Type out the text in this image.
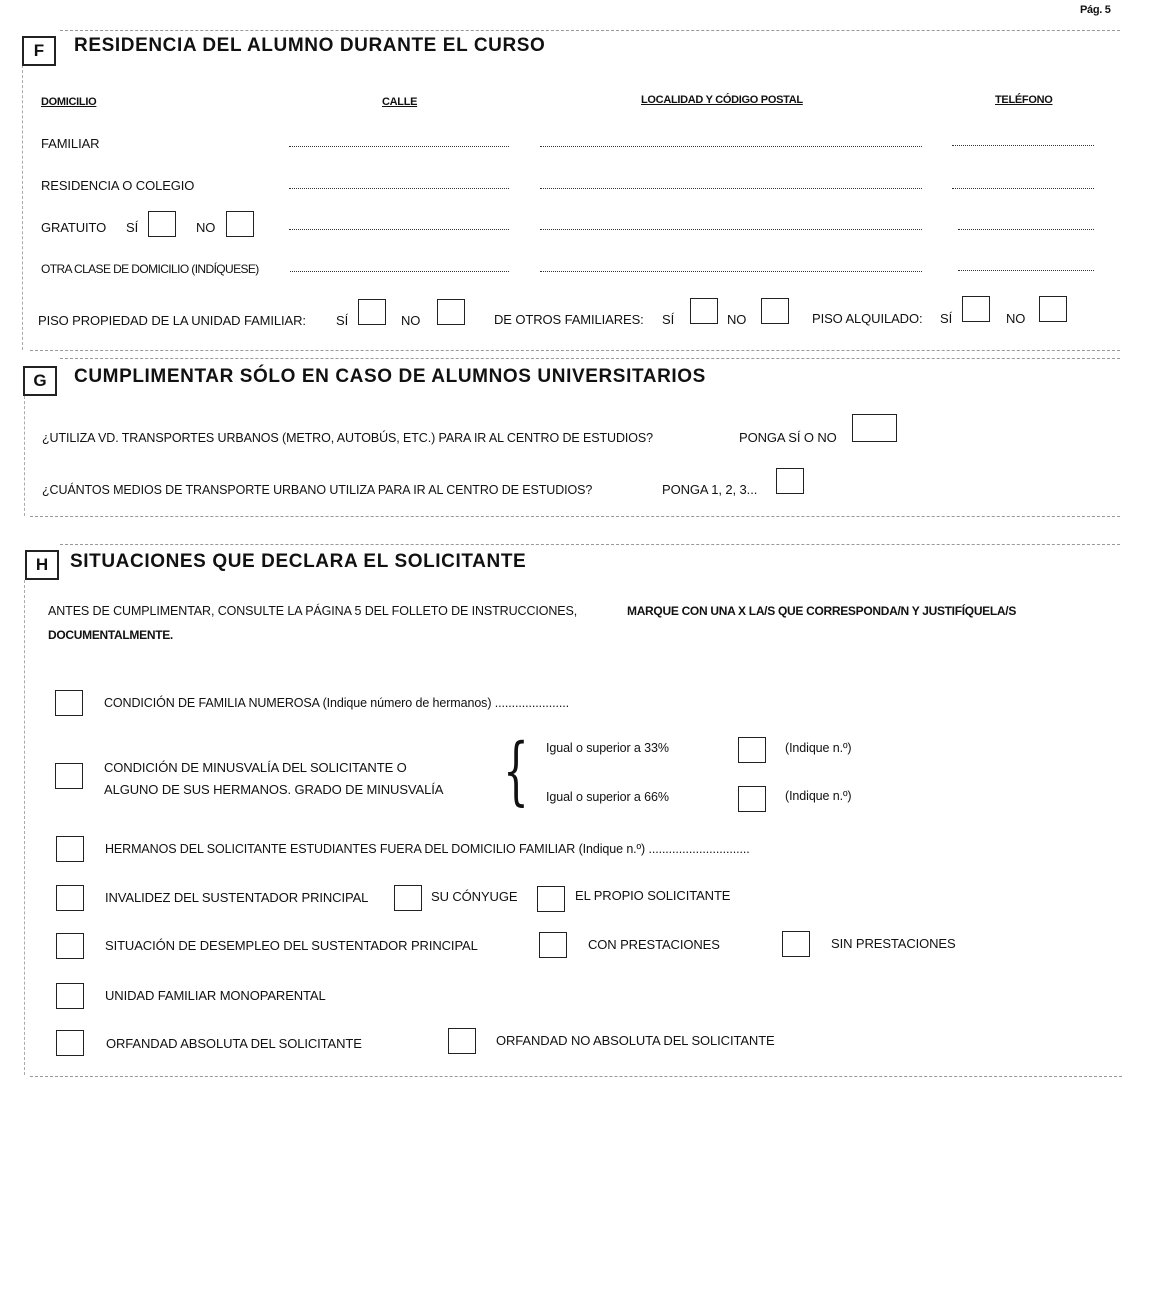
Pág. 5
F	RESIDENCIA DEL ALUMNO DURANTE EL CURSO
DOMICILIO	CALLE	LOCALIDAD Y CÓDIGO POSTAL	TELÉFONO
FAMILIAR
RESIDENCIA O COLEGIO
GRATUITO SÍ	NO
OTRA CLASE DE DOMICILIO (INDÍQUESE)
PISO PROPIEDAD DE LA UNIDAD FAMILIAR: SÍ	NO	DE OTROS FAMILIARES: SÍ	NO	PISO ALQUILADO: SÍ	NO
G	CUMPLIMENTAR SÓLO EN CASO DE ALUMNOS UNIVERSITARIOS
¿UTILIZA VD. TRANSPORTES URBANOS (METRO, AUTOBÚS, ETC.) PARA IR AL CENTRO DE ESTUDIOS?	PONGA SÍ O NO
¿CUÁNTOS MEDIOS DE TRANSPORTE URBANO UTILIZA PARA IR AL CENTRO DE ESTUDIOS?	PONGA 1, 2, 3...
H	SITUACIONES QUE DECLARA EL SOLICITANTE
ANTES DE CUMPLIMENTAR, CONSULTE LA PÁGINA 5 DEL FOLLETO DE INSTRUCCIONES,	MARQUE CON UNA X LA/S QUE CORRESPONDA/N Y JUSTIFÍQUELA/S
DOCUMENTALMENTE.
CONDICIÓN DE FAMILIA NUMEROSA (Indique número de hermanos) ......................
CONDICIÓN DE MINUSVALÍA DEL SOLICITANTE O
ALGUNO DE SUS HERMANOS. GRADO DE MINUSVALÍA { Igual o superior a 33%	(Indique n.º)
Igual o superior a 66%	(Indique n.º)
HERMANOS DEL SOLICITANTE ESTUDIANTES FUERA DEL DOMICILIO FAMILIAR (Indique n.º) ..............................
INVALIDEZ DEL SUSTENTADOR PRINCIPAL	SU CÓNYUGE	EL PROPIO SOLICITANTE
SITUACIÓN DE DESEMPLEO DEL SUSTENTADOR PRINCIPAL	CON PRESTACIONES	SIN PRESTACIONES
UNIDAD FAMILIAR MONOPARENTAL
ORFANDAD ABSOLUTA DEL SOLICITANTE	ORFANDAD NO ABSOLUTA DEL SOLICITANTE
